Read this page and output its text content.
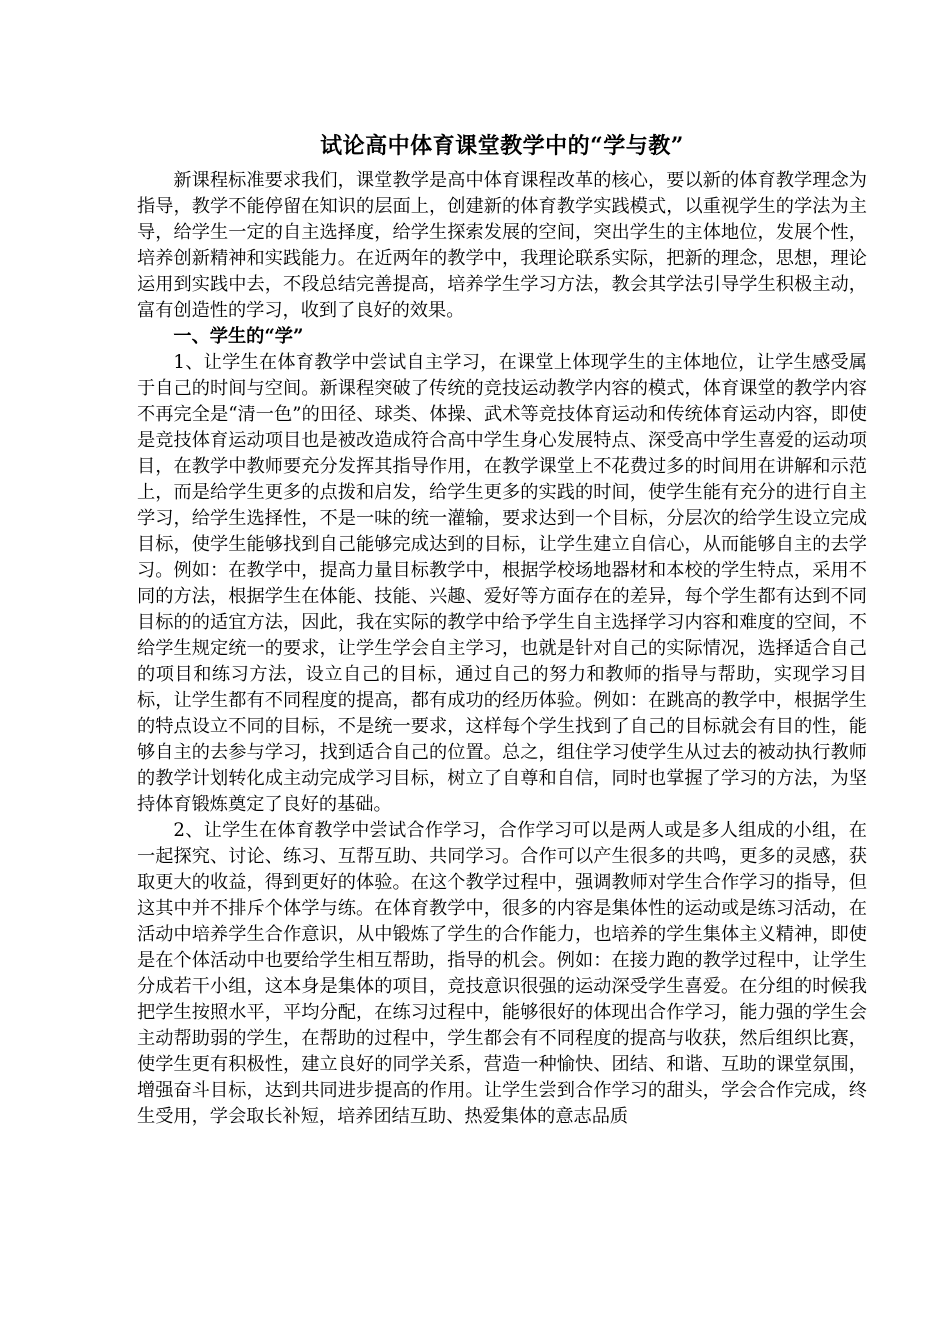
试论高中体育课堂教学中的“学与教”

新课程标准要求我们，课堂教学是高中体育课程改革的核心，要以新的体育教学理念为指导，教学不能停留在知识的层面上，创建新的体育教学实践模式，以重视学生的学法为主导，给学生一定的自主选择度，给学生探索发展的空间，突出学生的主体地位，发展个性，培养创新精神和实践能力。在近两年的教学中，我理论联系实际，把新的理念，思想，理论运用到实践中去，不段总结完善提高，培养学生学习方法，教会其学法引导学生积极主动，富有创造性的学习，收到了良好的效果。

一、学生的“学”

1、让学生在体育教学中尝试自主学习，在课堂上体现学生的主体地位，让学生感受属于自己的时间与空间。新课程突破了传统的竞技运动教学内容的模式，体育课堂的教学内容不再完全是“清一色”的田径、球类、体操、武术等竞技体育运动和传统体育运动内容，即使是竞技体育运动项目也是被改造成符合高中学生身心发展特点、深受高中学生喜爱的运动项目，在教学中教师要充分发挥其指导作用，在教学课堂上不花费过多的时间用在讲解和示范上，而是给学生更多的点拨和启发，给学生更多的实践的时间，使学生能有充分的进行自主学习，给学生选择性，不是一味的统一灌输，要求达到一个目标，分层次的给学生设立完成目标，使学生能够找到自己能够完成达到的目标，让学生建立自信心，从而能够自主的去学习。例如：在教学中，提高力量目标教学中，根据学校场地器材和本校的学生特点，采用不同的方法，根据学生在体能、技能、兴趣、爱好等方面存在的差异，每个学生都有达到不同目标的的适宜方法，因此，我在实际的教学中给予学生自主选择学习内容和难度的空间，不给学生规定统一的要求，让学生学会自主学习，也就是针对自己的实际情况，选择适合自己的项目和练习方法，设立自己的目标，通过自己的努力和教师的指导与帮助，实现学习目标，让学生都有不同程度的提高，都有成功的经历体验。例如：在跳高的教学中，根据学生的特点设立不同的目标，不是统一要求，这样每个学生找到了自己的目标就会有目的性，能够自主的去参与学习，找到适合自己的位置。总之，组住学习使学生从过去的被动执行教师的教学计划转化成主动完成学习目标，树立了自尊和自信，同时也掌握了学习的方法，为坚持体育锻炼奠定了良好的基础。

2、让学生在体育教学中尝试合作学习，合作学习可以是两人或是多人组成的小组，在一起探究、讨论、练习、互帮互助、共同学习。合作可以产生很多的共鸣，更多的灵感，获取更大的收益，得到更好的体验。在这个教学过程中，强调教师对学生合作学习的指导，但这其中并不排斥个体学与练。在体育教学中，很多的内容是集体性的运动或是练习活动，在活动中培养学生合作意识，从中锻炼了学生的合作能力，也培养的学生集体主义精神，即使是在个体活动中也要给学生相互帮助，指导的机会。例如：在接力跑的教学过程中，让学生分成若干小组，这本身是集体的项目，竞技意识很强的运动深受学生喜爱。在分组的时候我把学生按照水平，平均分配，在练习过程中，能够很好的体现出合作学习，能力强的学生会主动帮助弱的学生，在帮助的过程中，学生都会有不同程度的提高与收获，然后组织比赛，使学生更有积极性，建立良好的同学关系，营造一种愉快、团结、和谐、互助的课堂氛围，增强奋斗目标，达到共同进步提高的作用。让学生尝到合作学习的甜头，学会合作完成，终生受用，学会取长补短，培养团结互助、热爱集体的意志品质
